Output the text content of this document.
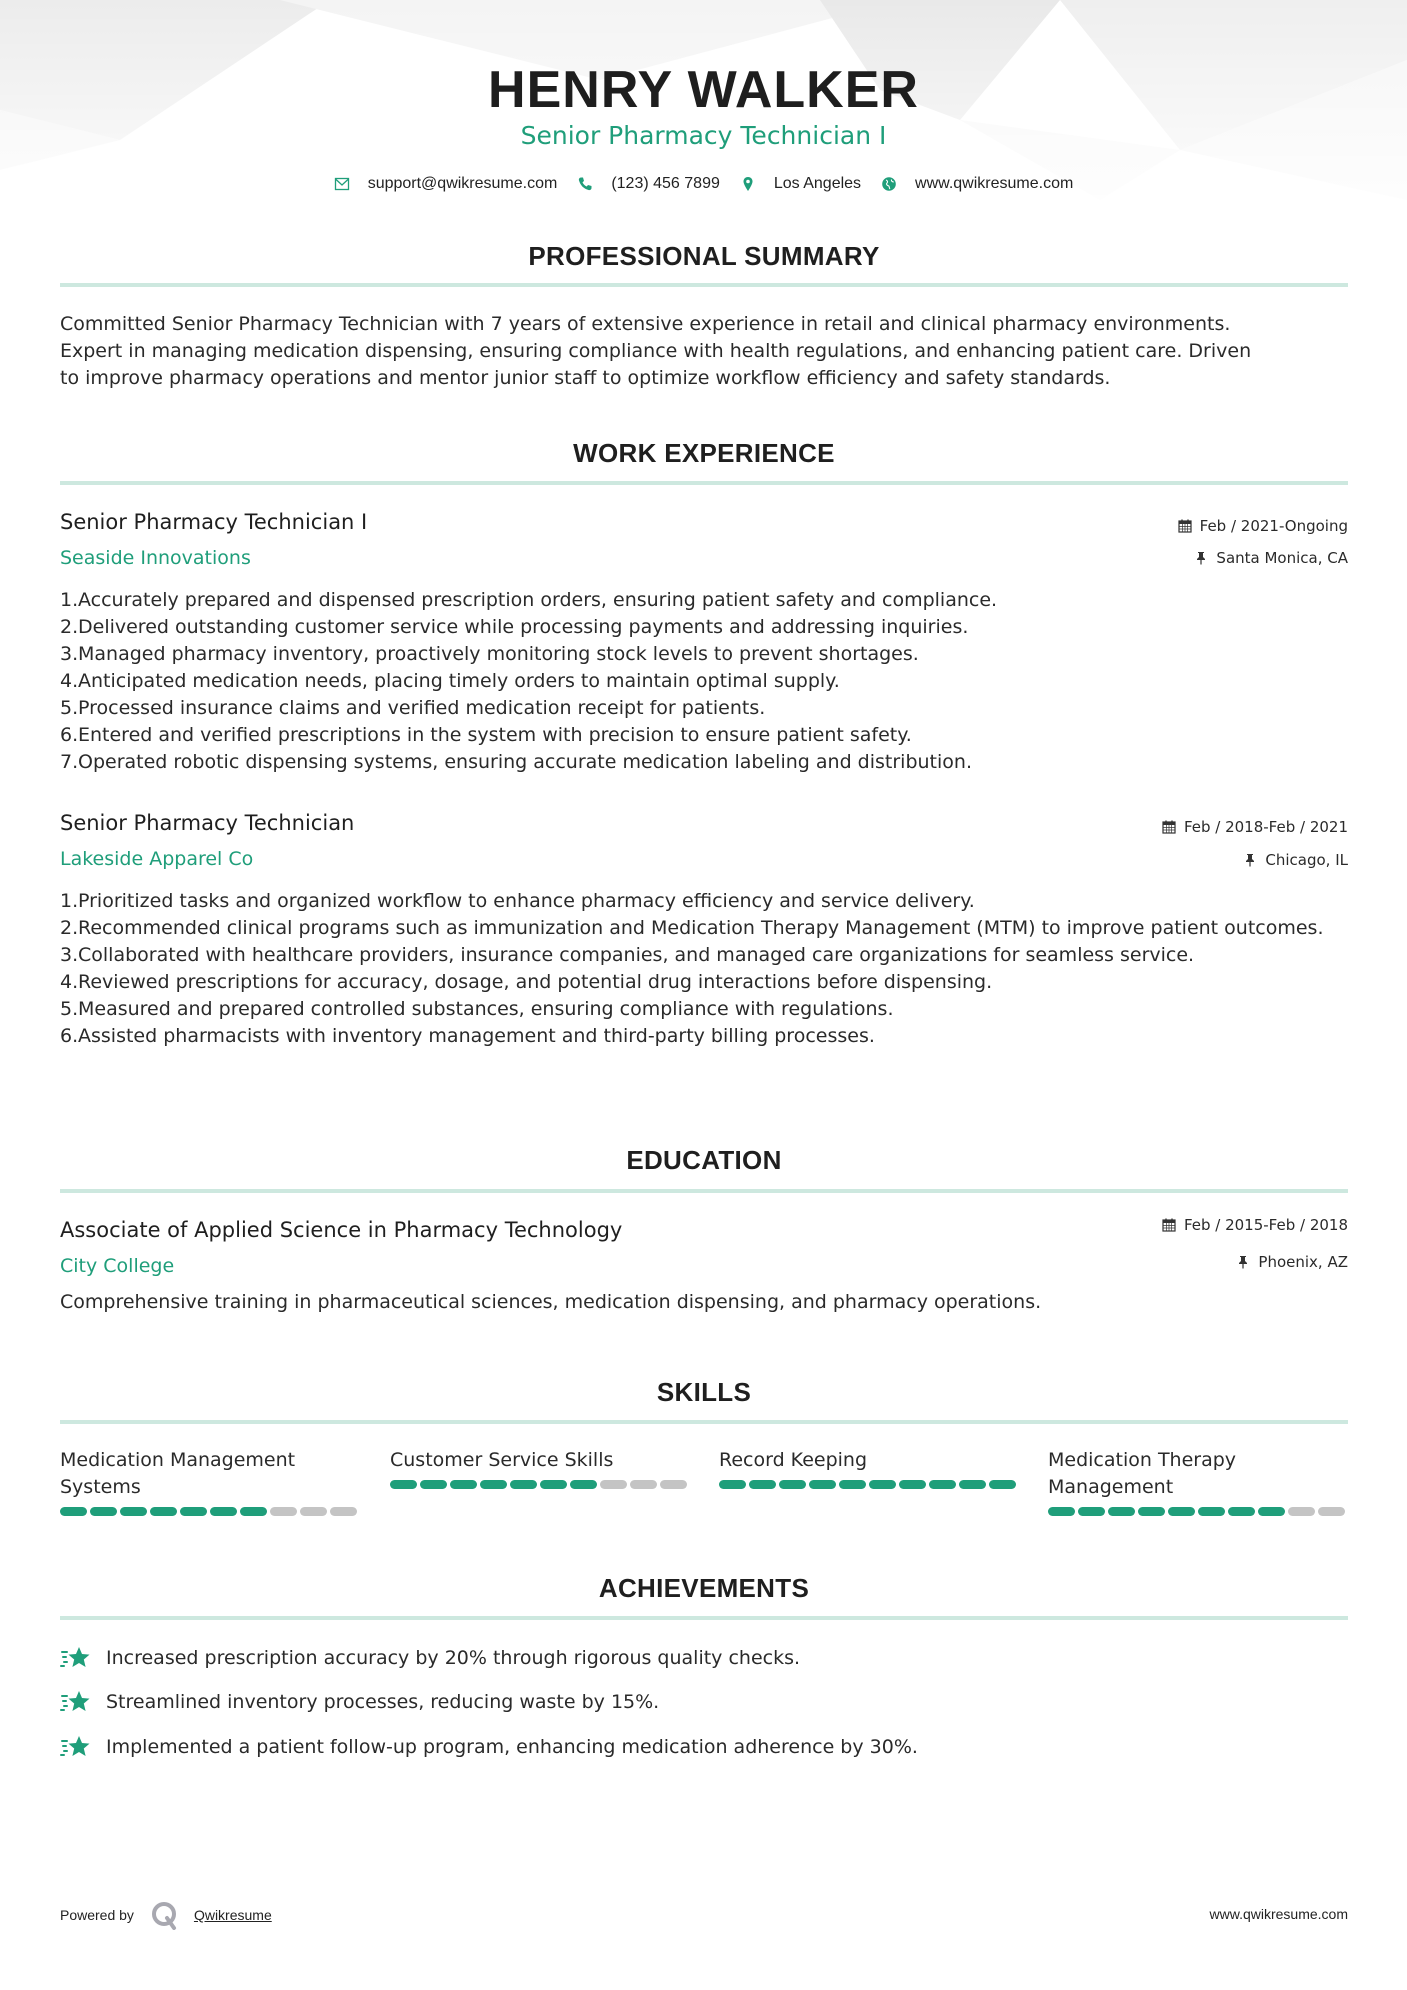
HENRY WALKER
Senior Pharmacy Technician I
support@qwikresume.com	(123) 456 7899	Los Angeles	www.qwikresume.com
PROFESSIONAL SUMMARY
Committed Senior Pharmacy Technician with 7 years of extensive experience in retail and clinical pharmacy environments.
Expert in managing medication dispensing, ensuring compliance with health regulations, and enhancing patient care. Driven
to improve pharmacy operations and mentor junior staff to optimize workflow efficiency and safety standards.
WORK EXPERIENCE
Senior Pharmacy Technician I
Seaside Innovations
Feb / 2021-Ongoing
Santa Monica, CA
1. Accurately prepared and dispensed prescription orders, ensuring patient safety and compliance.
2. Delivered outstanding customer service while processing payments and addressing inquiries.
3. Managed pharmacy inventory, proactively monitoring stock levels to prevent shortages.
4. Anticipated medication needs, placing timely orders to maintain optimal supply.
5. Processed insurance claims and verified medication receipt for patients.
6. Entered and verified prescriptions in the system with precision to ensure patient safety.
7. Operated robotic dispensing systems, ensuring accurate medication labeling and distribution.
Senior Pharmacy Technician
Lakeside Apparel Co
Feb / 2018-Feb / 2021
Chicago, IL
1. Prioritized tasks and organized workflow to enhance pharmacy efficiency and service delivery.
2. Recommended clinical programs such as immunization and Medication Therapy Management (MTM) to improve patient outcomes.
3. Collaborated with healthcare providers, insurance companies, and managed care organizations for seamless service.
4. Reviewed prescriptions for accuracy, dosage, and potential drug interactions before dispensing.
5. Measured and prepared controlled substances, ensuring compliance with regulations.
6. Assisted pharmacists with inventory management and third-party billing processes.
EDUCATION
Associate of Applied Science in Pharmacy Technology
City College
Feb / 2015-Feb / 2018
Phoenix, AZ
Comprehensive training in pharmaceutical sciences, medication dispensing, and pharmacy operations.
SKILLS
Medication Management Systems
Customer Service Skills	Record Keeping	Medication Therapy Management
ACHIEVEMENTS
Increased prescription accuracy by 20% through rigorous quality checks.
Streamlined inventory processes, reducing waste by 15%.
Implemented a patient follow-up program, enhancing medication adherence by 30%.
Powered by	Qwikresume	www.qwikresume.com
